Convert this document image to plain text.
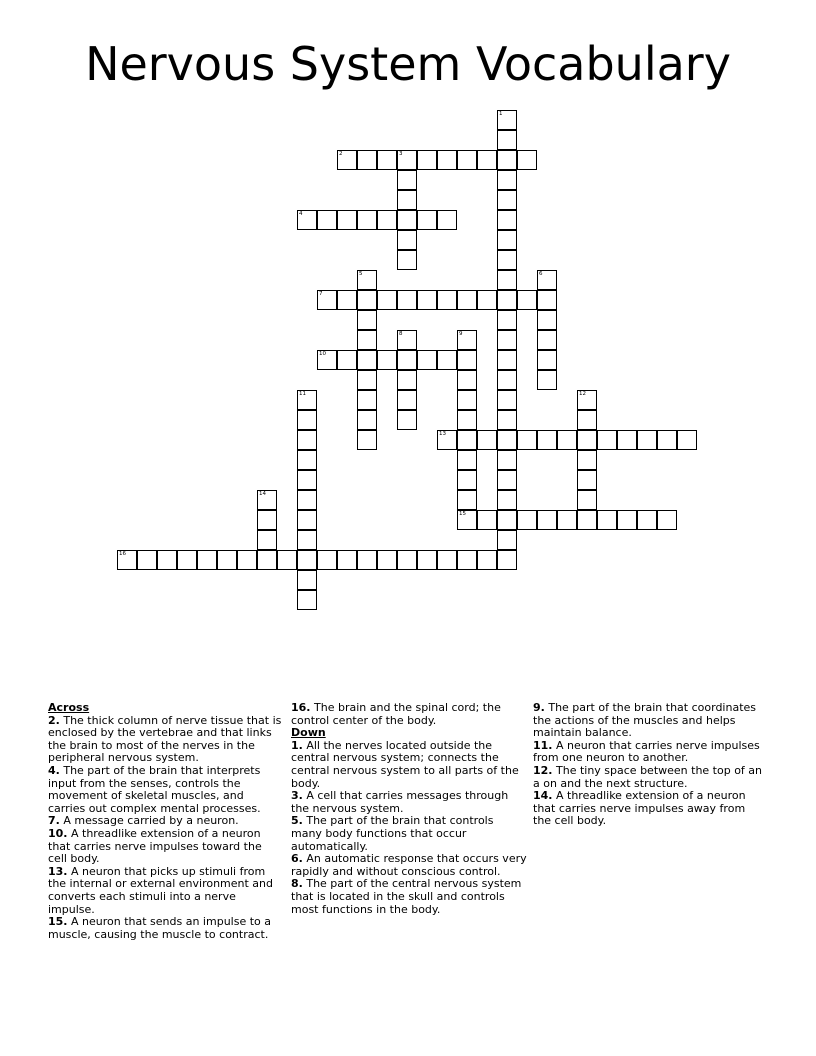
Nervous System Vocabulary
1
2	3
4
5	6
7
8	9
15
10
11	12
13
14
16
Across
2. The thick column of nerve tissue that is enclosed by the vertebrae and that links the brain to most of the nerves in the peripheral nervous system.
4. The part of the brain that interprets input from the senses, controls the movement of skeletal muscles, and carries out complex mental processes.
7. A message carried by a neuron.
10. A threadlike extension of a neuron that carries nerve impulses toward the cell body.
13. A neuron that picks up stimuli from the internal or external environment and converts each stimuli into a nerve impulse.
15. A neuron that sends an impulse to a muscle, causing the muscle to contract.
16. The brain and the spinal cord; the control center of the body.
Down
1. All the nerves located outside the central nervous system; connects the central nervous system to all parts of the body.
3. A cell that carries messages through the nervous system.
5. The part of the brain that controls many body functions that occur automatically.
6. An automatic response that occurs very rapidly and without conscious control.
8. The part of the central nervous system that is located in the skull and controls most functions in the body.
9. The part of the brain that coordinates the actions of the muscles and helps maintain balance.
11. A neuron that carries nerve impulses from one neuron to another.
12. The tiny space between the top of an a on and the next structure.
14. A threadlike extension of a neuron that carries nerve impulses away from the cell body.
